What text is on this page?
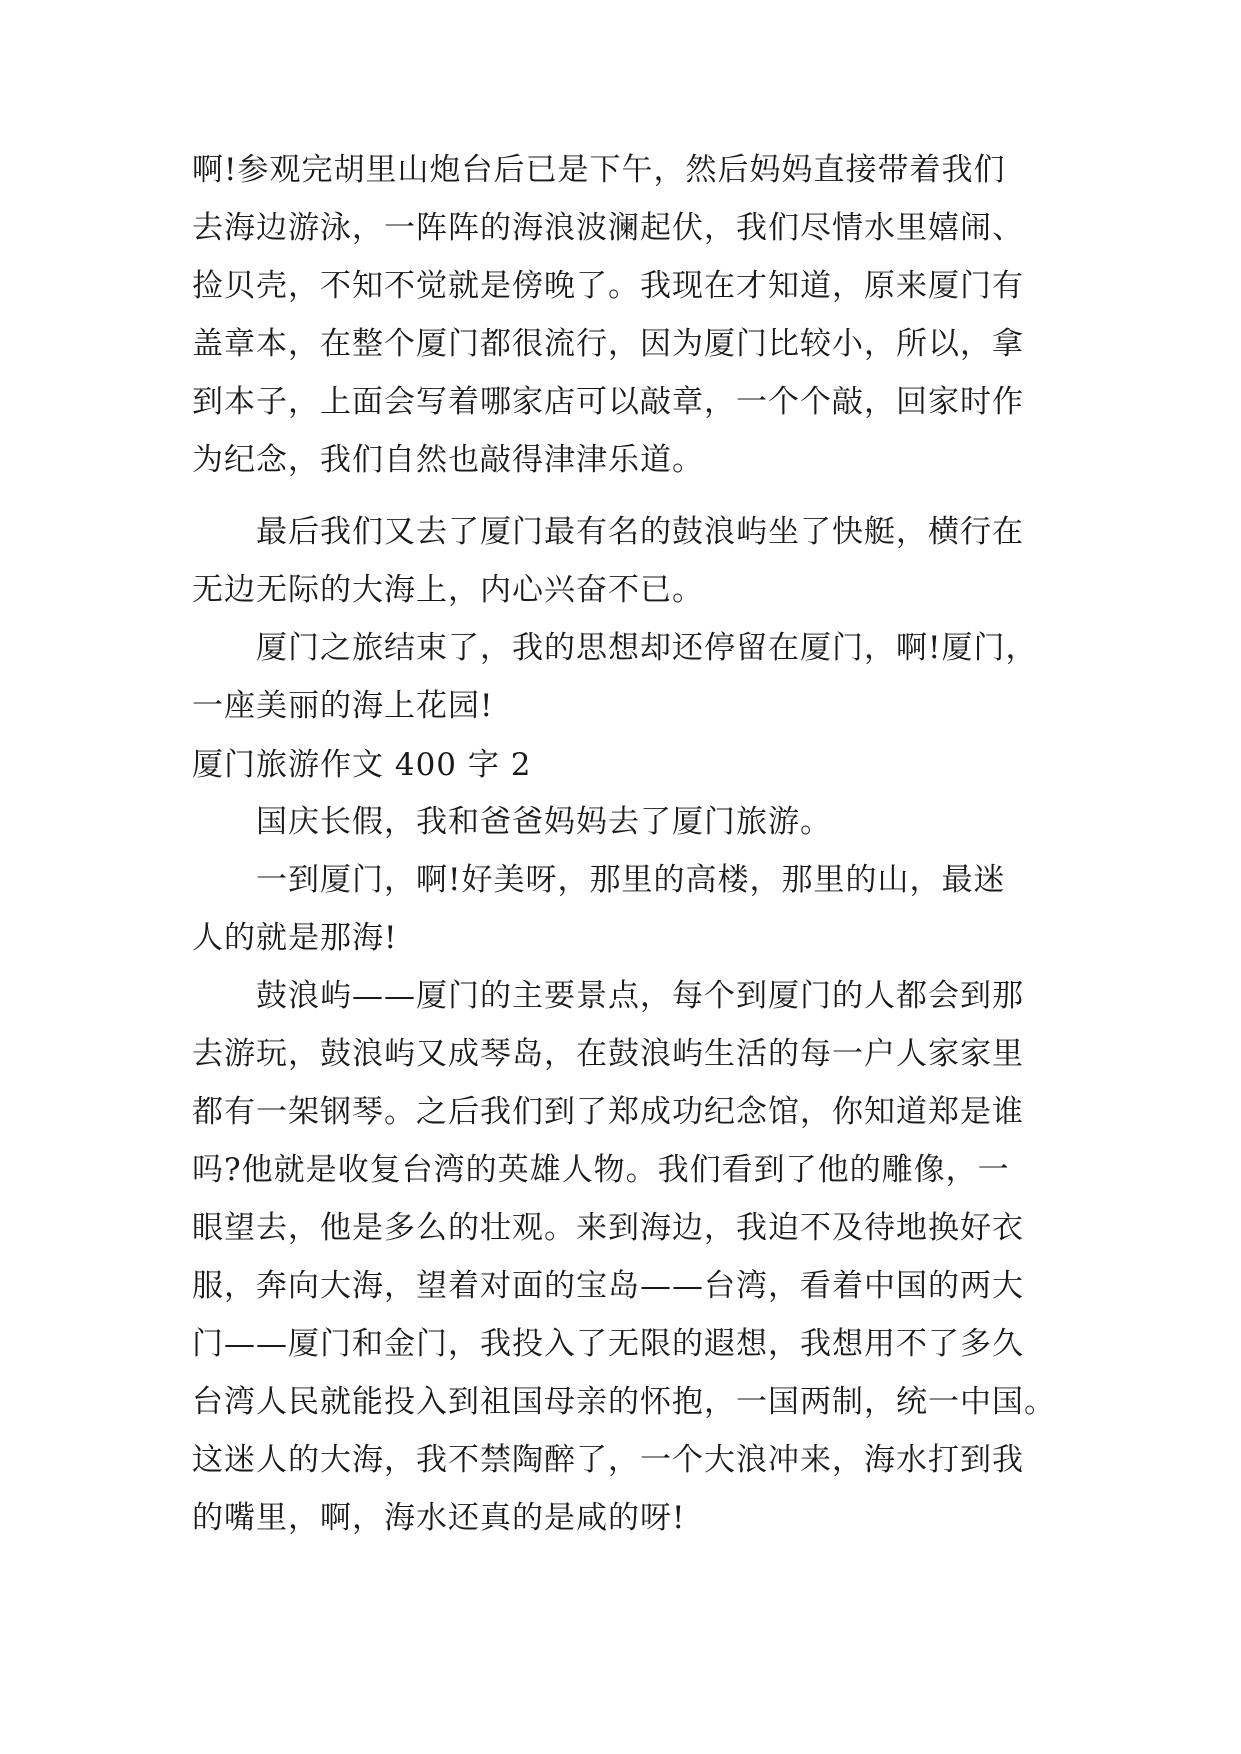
啊!参观完胡里山炮台后已是下午，然后妈妈直接带着我们
去海边游泳，一阵阵的海浪波澜起伏，我们尽情水里嬉闹、
捡贝壳，不知不觉就是傍晚了。我现在才知道，原来厦门有
盖章本，在整个厦门都很流行，因为厦门比较小，所以，拿
到本子，上面会写着哪家店可以敲章，一个个敲，回家时作
为纪念，我们自然也敲得津津乐道。
最后我们又去了厦门最有名的鼓浪屿坐了快艇，横行在
无边无际的大海上，内心兴奋不已。
厦门之旅结束了，我的思想却还停留在厦门，啊!厦门，
一座美丽的海上花园!
厦门旅游作文 400 字 2
国庆长假，我和爸爸妈妈去了厦门旅游。
一到厦门，啊!好美呀，那里的高楼，那里的山，最迷
人的就是那海!
鼓浪屿——厦门的主要景点，每个到厦门的人都会到那
去游玩，鼓浪屿又成琴岛，在鼓浪屿生活的每一户人家家里
都有一架钢琴。之后我们到了郑成功纪念馆，你知道郑是谁
吗?他就是收复台湾的英雄人物。我们看到了他的雕像，一
眼望去，他是多么的壮观。来到海边，我迫不及待地换好衣
服，奔向大海，望着对面的宝岛——台湾，看着中国的两大
门——厦门和金门，我投入了无限的遐想，我想用不了多久
台湾人民就能投入到祖国母亲的怀抱，一国两制，统一中国。
这迷人的大海，我不禁陶醉了，一个大浪冲来，海水打到我
的嘴里，啊，海水还真的是咸的呀!
